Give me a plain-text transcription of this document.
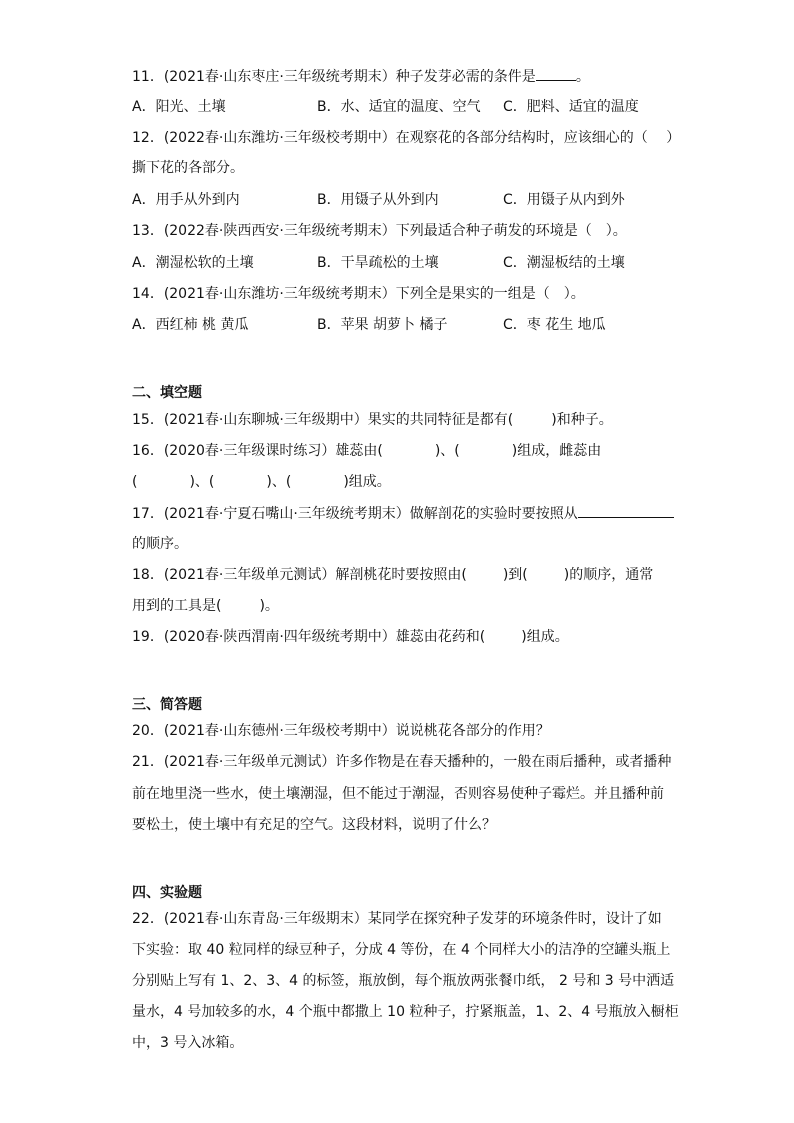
11．(2021春·山东枣庄·三年级统考期末）种子发芽必需的条件是	。
A．阳光、土壤	B．水、适宜的温度、空气 C．肥料、适宜的温度
12．(2022春·山东潍坊·三年级校考期中）在观察花的各部分结构时，应该细心的（　 ）
撕下花的各部分。
A．用手从外到内	B．用镊子从外到内	C．用镊子从内到外
13．(2022春·陕西西安·三年级统考期末）下列最适合种子萌发的环境是（　）。
A．潮湿松软的土壤	B．干旱疏松的土壤	C．潮湿板结的土壤
14．(2021春·山东潍坊·三年级统考期末）下列全是果实的一组是（　）。
A．西红柿 桃 黄瓜	B．苹果 胡萝卜 橘子	C．枣 花生 地瓜
二、填空题
15．(2021春·山东聊城·三年级期中）果实的共同特征是都有(	)和种子。
16．(2020春·三年级课时练习）雄蕊由(	)、(	)组成，雌蕊由
(	)、(	)、(	)组成。
17．(2021春·宁夏石嘴山·三年级统考期末）做解剖花的实验时要按照从
的顺序。
18．(2021春·三年级单元测试）解剖桃花时要按照由(	)到(	)的顺序，通常
用到的工具是(	)。
19．(2020春·陕西渭南·四年级统考期中）雄蕊由花药和(	)组成。
三、简答题
20．(2021春·山东德州·三年级校考期中）说说桃花各部分的作用？
21．(2021春·三年级单元测试）许多作物是在春天播种的，一般在雨后播种，或者播种
前在地里浇一些水，使土壤潮湿，但不能过于潮湿，否则容易使种子霉烂。并且播种前
要松土，使土壤中有充足的空气。这段材料，说明了什么？
四、实验题
22．(2021春·山东青岛·三年级期末）某同学在探究种子发芽的环境条件时，设计了如
下实验：取 40 粒同样的绿豆种子，分成 4 等份，在 4 个同样大小的洁净的空罐头瓶上
分别贴上写有 1、2、3、4 的标签，瓶放倒，每个瓶放两张餐巾纸， 2 号和 3 号中洒适
量水，4 号加较多的水，4 个瓶中都撒上 10 粒种子，拧紧瓶盖，1、2、4 号瓶放入橱柜
中，3 号入冰箱。
